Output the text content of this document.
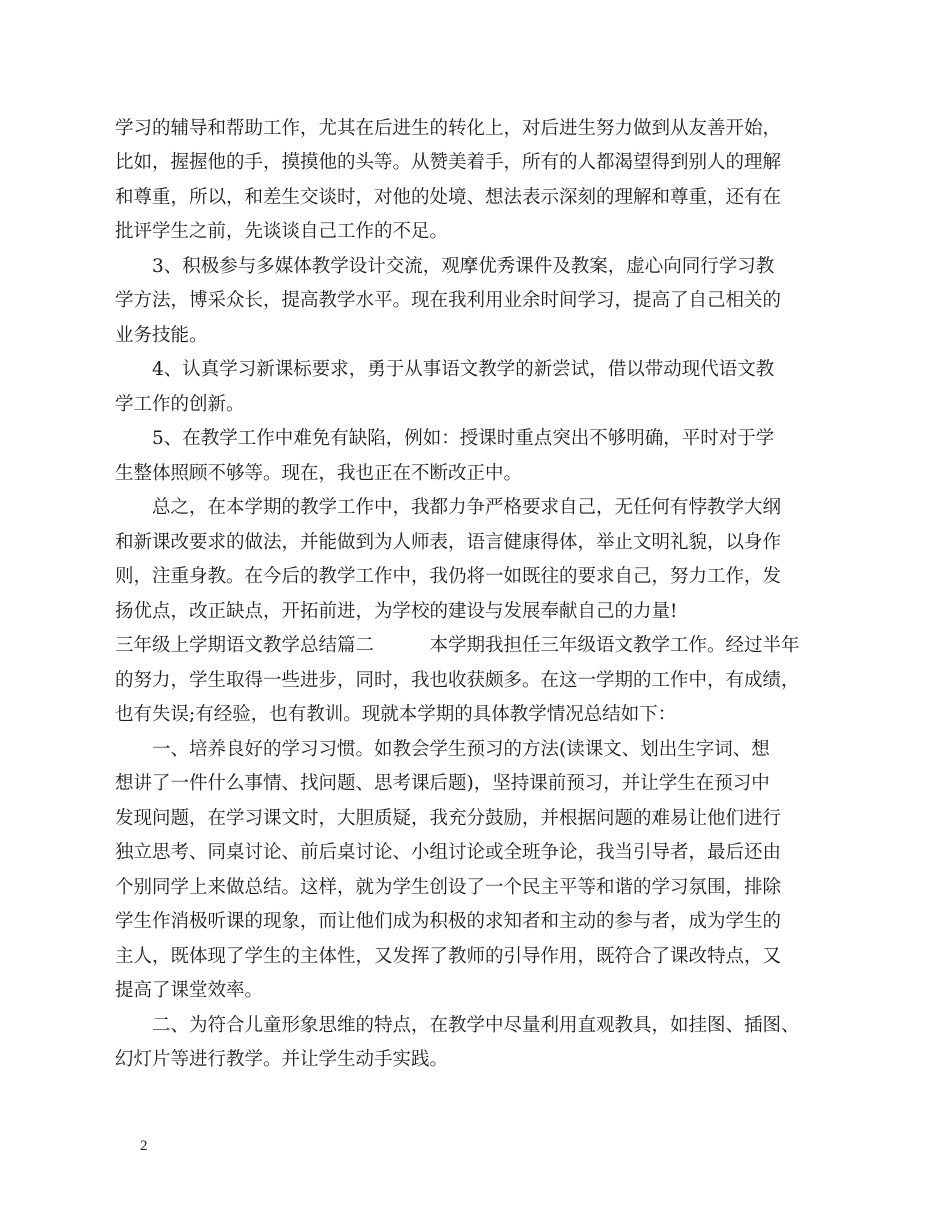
学习的辅导和帮助工作，尤其在后进生的转化上，对后进生努力做到从友善开始，
比如，握握他的手，摸摸他的头等。从赞美着手，所有的人都渴望得到别人的理解
和尊重，所以，和差生交谈时，对他的处境、想法表示深刻的理解和尊重，还有在
批评学生之前，先谈谈自己工作的不足。
　　3、积极参与多媒体教学设计交流，观摩优秀课件及教案，虚心向同行学习教
学方法，博采众长，提高教学水平。现在我利用业余时间学习，提高了自己相关的
业务技能。
　　4、认真学习新课标要求，勇于从事语文教学的新尝试，借以带动现代语文教
学工作的创新。
　　5、在教学工作中难免有缺陷，例如：授课时重点突出不够明确，平时对于学
生整体照顾不够等。现在，我也正在不断改正中。
　　总之，在本学期的教学工作中，我都力争严格要求自己，无任何有悖教学大纲
和新课改要求的做法，并能做到为人师表，语言健康得体，举止文明礼貌，以身作
则，注重身教。在今后的教学工作中，我仍将一如既往的要求自己，努力工作，发
扬优点，改正缺点，开拓前进，为学校的建设与发展奉献自己的力量!
三年级上学期语文教学总结篇二　　　本学期我担任三年级语文教学工作。经过半年
的努力，学生取得一些进步，同时，我也收获颇多。在这一学期的工作中，有成绩，
也有失误;有经验，也有教训。现就本学期的具体教学情况总结如下：
　　一、培养良好的学习习惯。如教会学生预习的方法(读课文、划出生字词、想
想讲了一件什么事情、找问题、思考课后题)，坚持课前预习，并让学生在预习中
发现问题，在学习课文时，大胆质疑，我充分鼓励，并根据问题的难易让他们进行
独立思考、同桌讨论、前后桌讨论、小组讨论或全班争论，我当引导者，最后还由
个别同学上来做总结。这样，就为学生创设了一个民主平等和谐的学习氛围，排除
学生作消极听课的现象，而让他们成为积极的求知者和主动的参与者，成为学生的
主人，既体现了学生的主体性，又发挥了教师的引导作用，既符合了课改特点，又
提高了课堂效率。
　　二、为符合儿童形象思维的特点，在教学中尽量利用直观教具，如挂图、插图、
幻灯片等进行教学。并让学生动手实践。
2
